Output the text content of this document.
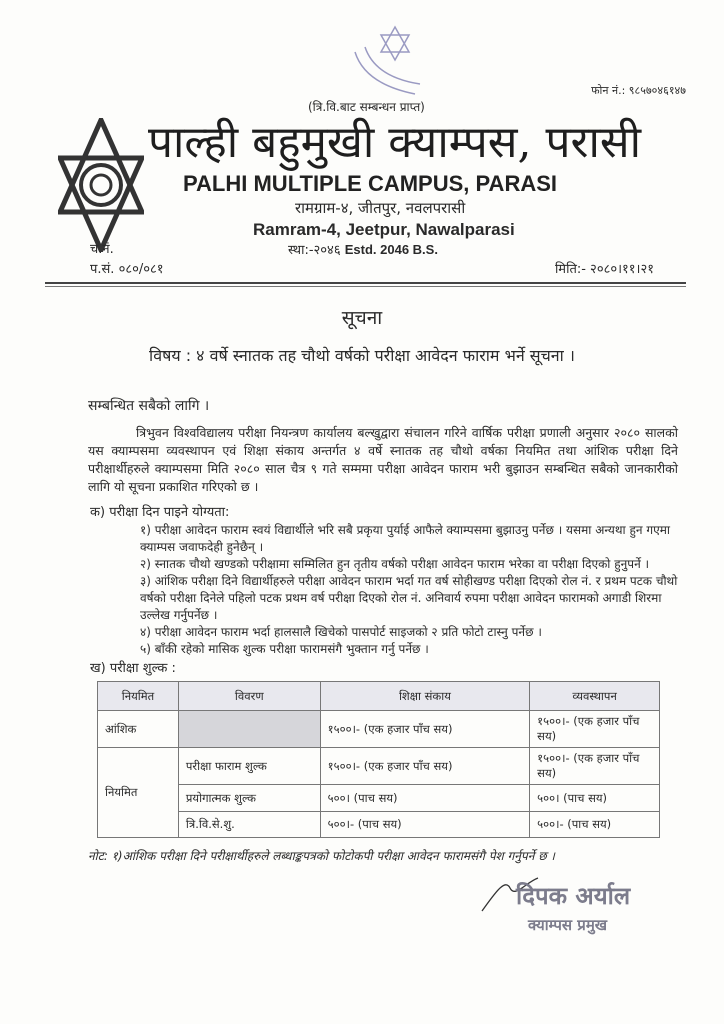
फोन नं.: ९८५७०४६१४७
(त्रि.वि.बाट सम्बन्धन प्राप्त)
पाल्ही बहुमुखी क्याम्पस, परासी
PALHI MULTIPLE CAMPUS, PARASI
रामग्राम-४, जीतपुर, नवलपरासी
Ramram-4, Jeetpur, Nawalparasi
च.नं.	स्था:-२०४६ Estd. 2046 B.S.
प.सं. ०८०/०८१	मिति:- २०८०।११।२१
सूचना
विषय : ४ वर्षे स्नातक तह चौथो वर्षको परीक्षा आवेदन फाराम भर्ने सूचना ।
सम्बन्धित सबैको लागि ।
त्रिभुवन विश्वविद्यालय परीक्षा नियन्त्रण कार्यालय बल्खुद्वारा संचालन गरिने वार्षिक परीक्षा प्रणाली अनुसार २०८० सालको यस क्याम्पसमा व्यवस्थापन एवं शिक्षा संकाय अन्तर्गत ४ वर्षे स्नातक तह चौथो वर्षका नियमित तथा आंशिक परीक्षा दिने परीक्षार्थीहरुले क्याम्पसमा मिति २०८० साल चैत्र ९ गते सम्ममा परीक्षा आवेदन फाराम भरी बुझाउन सम्बन्धित सबैको जानकारीको लागि यो सूचना प्रकाशित गरिएको छ ।
क) परीक्षा दिन पाइने योग्यता:
१) परीक्षा आवेदन फाराम स्वयं विद्यार्थीले भरि सबै प्रकृया पुर्याई आफैले क्याम्पसमा बुझाउनु पर्नेछ । यसमा अन्यथा हुन गएमा क्याम्पस जवाफदेही हुनेछैन् ।
२) स्नातक चौथो खण्डको परीक्षामा सम्मिलित हुन तृतीय वर्षको परीक्षा आवेदन फाराम भरेका वा परीक्षा दिएको हुनुपर्ने ।
३) आंशिक परीक्षा दिने विद्यार्थीहरुले परीक्षा आवेदन फाराम भर्दा गत वर्ष सोहीखण्ड परीक्षा दिएको रोल नं. र प्रथम पटक चौथो वर्षको परीक्षा दिनेले पहिलो पटक प्रथम वर्ष परीक्षा दिएको रोल नं. अनिवार्य रुपमा परीक्षा आवेदन फारामको अगाडी शिरमा उल्लेख गर्नुपर्नेछ ।
४) परीक्षा आवेदन फाराम भर्दा हालसालै खिचेको पासपोर्ट साइजको २ प्रति फोटो टास्नु पर्नेछ ।
५) बाँकी रहेको मासिक शुल्क परीक्षा फारामसंगै भुक्तान गर्नु पर्नेछ ।
ख) परीक्षा शुल्क :
नियमित	विवरण	शिक्षा संकाय	व्यवस्थापन
आंशिक		१५००।- (एक हजार पाँच सय)	१५००।- (एक हजार पाँच सय)
नियमित	परीक्षा फाराम शुल्क	१५००।- (एक हजार पाँच सय)	१५००।- (एक हजार पाँच सय)
	प्रयोगात्मक शुल्क	५००। (पाच सय)	५००। (पाच सय)
	त्रि.वि.से.शु.	५००।- (पाच सय)	५००।- (पाच सय)
नोट: १)आंशिक परीक्षा दिने परीक्षार्थीहरुले लब्धाङ्कपत्रको फोटोकपी परीक्षा आवेदन फारामसंगै पेश गर्नुपर्ने छ ।
दिपक अर्याल
क्याम्पस प्रमुख
